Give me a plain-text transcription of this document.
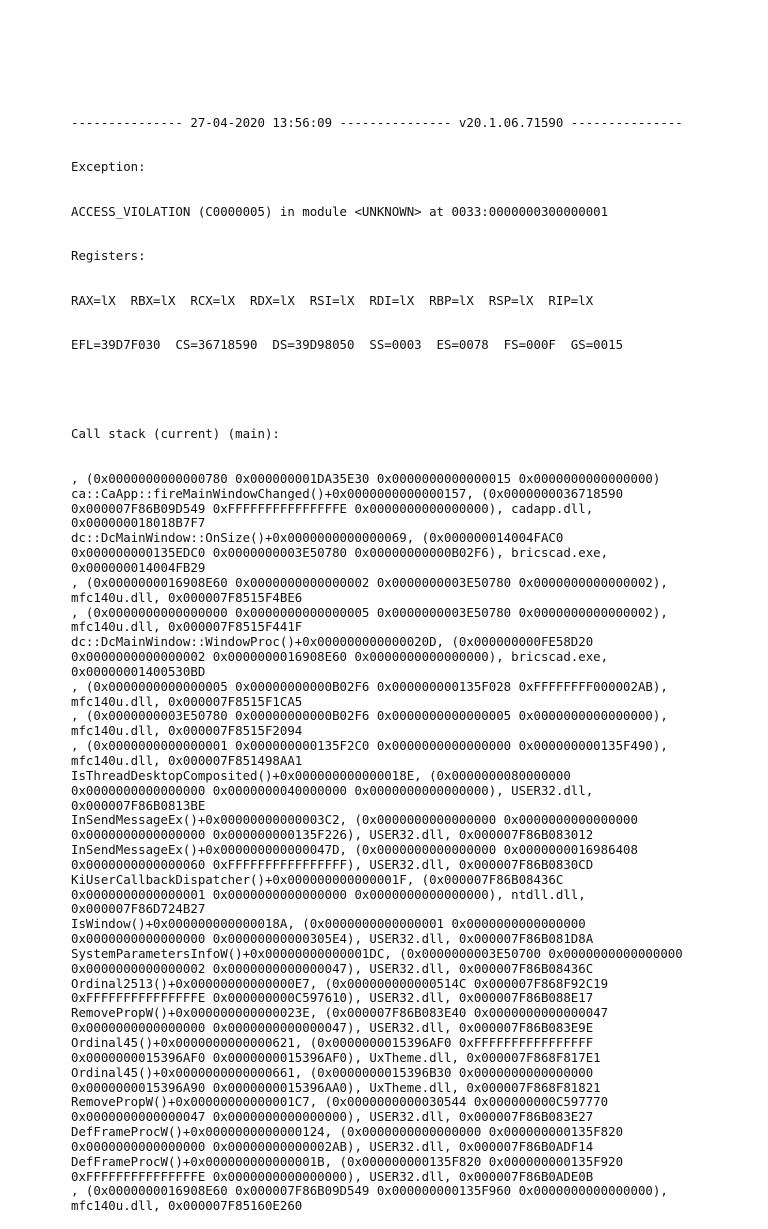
--------------- 27-04-2020 13:56:09 --------------- v20.1.06.71590 ---------------

Exception:

ACCESS_VIOLATION (C0000005) in module <UNKNOWN> at 0033:0000000300000001

Registers:

RAX=lX  RBX=lX  RCX=lX  RDX=lX  RSI=lX  RDI=lX  RBP=lX  RSP=lX  RIP=lX

EFL=39D7F030  CS=36718590  DS=39D98050  SS=0003  ES=0078  FS=000F  GS=0015

Call stack (current) (main):

, (0x0000000000000780 0x000000001DA35E30 0x0000000000000015 0x0000000000000000)
ca::CaApp::fireMainWindowChanged()+0x0000000000000157, (0x0000000036718590
0x000007F86B09D549 0xFFFFFFFFFFFFFFFE 0x0000000000000000), cadapp.dll,
0x000000018018B7F7
dc::DcMainWindow::OnSize()+0x0000000000000069, (0x000000014004FAC0
0x000000000135EDC0 0x0000000003E50780 0x00000000000B02F6), bricscad.exe,
0x000000014004FB29
, (0x0000000016908E60 0x0000000000000002 0x0000000003E50780 0x0000000000000002),
mfc140u.dll, 0x000007F8515F4BE6
, (0x0000000000000000 0x0000000000000005 0x0000000003E50780 0x0000000000000002),
mfc140u.dll, 0x000007F8515F441F
dc::DcMainWindow::WindowProc()+0x000000000000020D, (0x000000000FE58D20
0x0000000000000002 0x0000000016908E60 0x0000000000000000), bricscad.exe,
0x00000001400530BD
, (0x0000000000000005 0x00000000000B02F6 0x000000000135F028 0xFFFFFFFF000002AB),
mfc140u.dll, 0x000007F8515F1CA5
, (0x0000000003E50780 0x00000000000B02F6 0x0000000000000005 0x0000000000000000),
mfc140u.dll, 0x000007F8515F2094
, (0x0000000000000001 0x000000000135F2C0 0x0000000000000000 0x000000000135F490),
mfc140u.dll, 0x000007F851498AA1
IsThreadDesktopComposited()+0x000000000000018E, (0x0000000080000000
0x0000000000000000 0x0000000040000000 0x0000000000000000), USER32.dll,
0x000007F86B0813BE
InSendMessageEx()+0x00000000000003C2, (0x0000000000000000 0x0000000000000000
0x0000000000000000 0x000000000135F226), USER32.dll, 0x000007F86B083012
InSendMessageEx()+0x000000000000047D, (0x0000000000000000 0x0000000016986408
0x0000000000000060 0xFFFFFFFFFFFFFFFF), USER32.dll, 0x000007F86B0830CD
KiUserCallbackDispatcher()+0x000000000000001F, (0x000007F86B08436C
0x0000000000000001 0x0000000000000000 0x0000000000000000), ntdll.dll,
0x000007F86D724B27
IsWindow()+0x000000000000018A, (0x0000000000000001 0x0000000000000000
0x0000000000000000 0x00000000000305E4), USER32.dll, 0x000007F86B081D8A
SystemParametersInfoW()+0x00000000000001DC, (0x0000000003E50700 0x0000000000000000
0x0000000000000002 0x0000000000000047), USER32.dll, 0x000007F86B08436C
Ordinal2513()+0x00000000000000E7, (0x000000000000514C 0x000007F868F92C19
0xFFFFFFFFFFFFFFFE 0x000000000C597610), USER32.dll, 0x000007F86B088E17
RemovePropW()+0x000000000000023E, (0x000007F86B083E40 0x0000000000000047
0x0000000000000000 0x0000000000000047), USER32.dll, 0x000007F86B083E9E
Ordinal45()+0x0000000000000621, (0x0000000015396AF0 0xFFFFFFFFFFFFFFFF
0x0000000015396AF0 0x0000000015396AF0), UxTheme.dll, 0x000007F868F817E1
Ordinal45()+0x0000000000000661, (0x0000000015396B30 0x0000000000000000
0x0000000015396A90 0x0000000015396AA0), UxTheme.dll, 0x000007F868F81821
RemovePropW()+0x00000000000001C7, (0x0000000000030544 0x000000000C597770
0x0000000000000047 0x0000000000000000), USER32.dll, 0x000007F86B083E27
DefFrameProcW()+0x0000000000000124, (0x0000000000000000 0x000000000135F820
0x0000000000000000 0x00000000000002AB), USER32.dll, 0x000007F86B0ADF14
DefFrameProcW()+0x000000000000001B, (0x000000000135F820 0x000000000135F920
0xFFFFFFFFFFFFFFFE 0x0000000000000000), USER32.dll, 0x000007F86B0ADE0B
, (0x0000000016908E60 0x000007F86B09D549 0x000000000135F960 0x0000000000000000),
mfc140u.dll, 0x000007F85160E260
